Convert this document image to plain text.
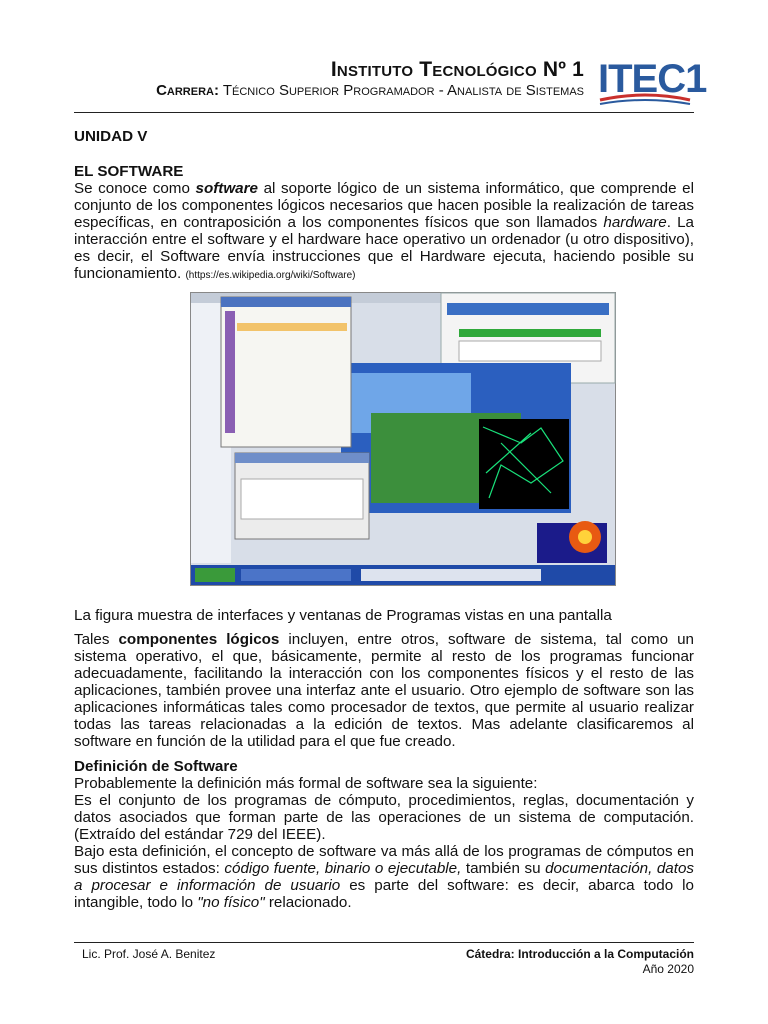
Instituto Tecnológico Nº 1
Carrera: Técnico Superior Programador - Analista de Sistemas ITEC1

UNIDAD V

EL SOFTWARE

Se conoce como software al soporte lógico de un sistema informático, que comprende el conjunto de los componentes lógicos necesarios que hacen posible la realización de tareas específicas, en contraposición a los componentes físicos que son llamados hardware. La interacción entre el software y el hardware hace operativo un ordenador (u otro dispositivo), es decir, el Software envía instrucciones que el Hardware ejecuta, haciendo posible su funcionamiento. (https://es.wikipedia.org/wiki/Software)

La figura muestra de interfaces y ventanas de Programas vistas en una pantalla

Tales componentes lógicos incluyen, entre otros, software de sistema, tal como un sistema operativo, el que, básicamente, permite al resto de los programas funcionar adecuadamente, facilitando la interacción con los componentes físicos y el resto de las aplicaciones, también provee una interfaz ante el usuario. Otro ejemplo de software son las aplicaciones informáticas tales como procesador de textos, que permite al usuario realizar todas las tareas relacionadas a la edición de textos. Mas adelante clasificaremos al software en función de la utilidad para el que fue creado.

Definición de Software

Probablemente la definición más formal de software sea la siguiente:

Es el conjunto de los programas de cómputo, procedimientos, reglas, documentación y datos asociados que forman parte de las operaciones de un sistema de computación. (Extraído del estándar 729 del IEEE).

Bajo esta definición, el concepto de software va más allá de los programas de cómputos en sus distintos estados: código fuente, binario o ejecutable, también su documentación, datos a procesar e información de usuario es parte del software: es decir, abarca todo lo intangible, todo lo "no físico" relacionado.

Lic. Prof. José A. Benitez	Cátedra: Introducción a la Computación
Año 2020
